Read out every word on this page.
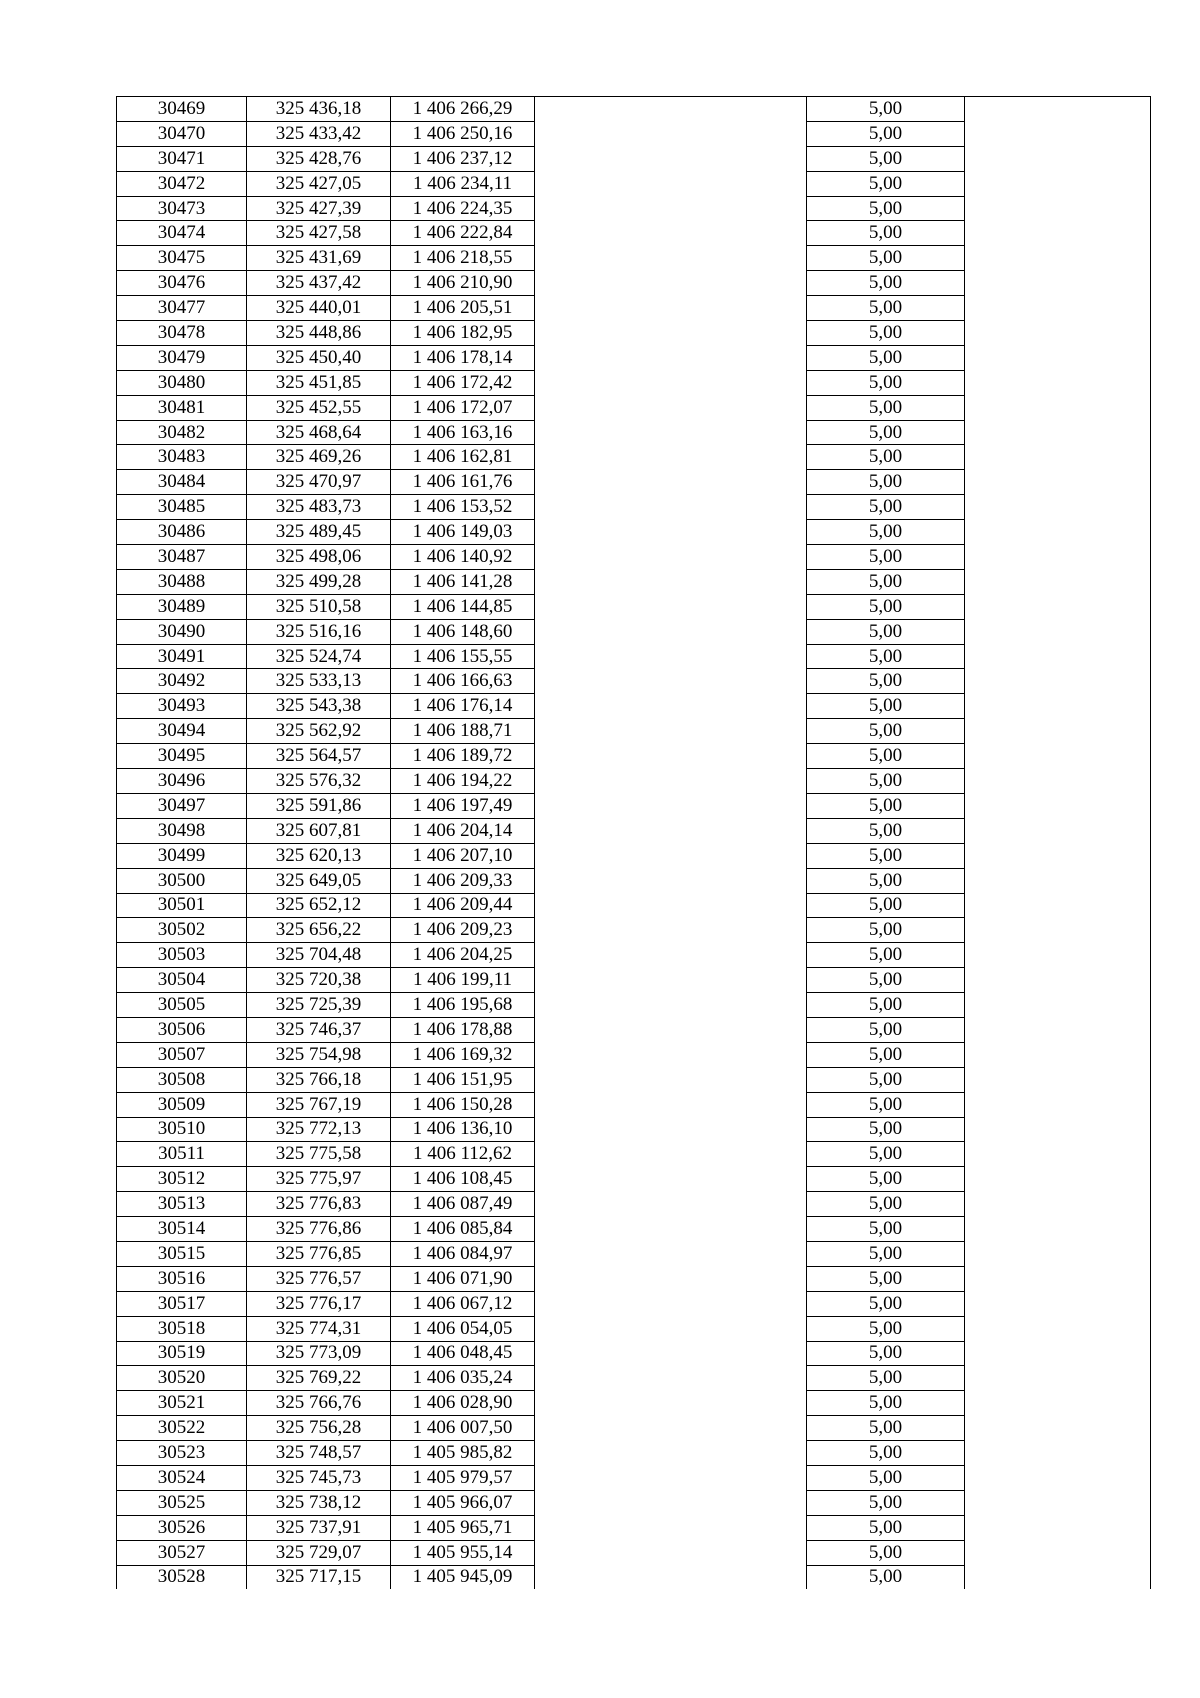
30469	325 436,18	1 406 266,29		5,00	
30470	325 433,42	1 406 250,16		5,00	
30471	325 428,76	1 406 237,12		5,00	
30472	325 427,05	1 406 234,11		5,00	
30473	325 427,39	1 406 224,35		5,00	
30474	325 427,58	1 406 222,84		5,00	
30475	325 431,69	1 406 218,55		5,00	
30476	325 437,42	1 406 210,90		5,00	
30477	325 440,01	1 406 205,51		5,00	
30478	325 448,86	1 406 182,95		5,00	
30479	325 450,40	1 406 178,14		5,00	
30480	325 451,85	1 406 172,42		5,00	
30481	325 452,55	1 406 172,07		5,00	
30482	325 468,64	1 406 163,16		5,00	
30483	325 469,26	1 406 162,81		5,00	
30484	325 470,97	1 406 161,76		5,00	
30485	325 483,73	1 406 153,52		5,00	
30486	325 489,45	1 406 149,03		5,00	
30487	325 498,06	1 406 140,92		5,00	
30488	325 499,28	1 406 141,28		5,00	
30489	325 510,58	1 406 144,85		5,00	
30490	325 516,16	1 406 148,60		5,00	
30491	325 524,74	1 406 155,55		5,00	
30492	325 533,13	1 406 166,63		5,00	
30493	325 543,38	1 406 176,14		5,00	
30494	325 562,92	1 406 188,71		5,00	
30495	325 564,57	1 406 189,72		5,00	
30496	325 576,32	1 406 194,22		5,00	
30497	325 591,86	1 406 197,49		5,00	
30498	325 607,81	1 406 204,14		5,00	
30499	325 620,13	1 406 207,10		5,00	
30500	325 649,05	1 406 209,33		5,00	
30501	325 652,12	1 406 209,44		5,00	
30502	325 656,22	1 406 209,23		5,00	
30503	325 704,48	1 406 204,25		5,00	
30504	325 720,38	1 406 199,11		5,00	
30505	325 725,39	1 406 195,68		5,00	
30506	325 746,37	1 406 178,88		5,00	
30507	325 754,98	1 406 169,32		5,00	
30508	325 766,18	1 406 151,95		5,00	
30509	325 767,19	1 406 150,28		5,00	
30510	325 772,13	1 406 136,10		5,00	
30511	325 775,58	1 406 112,62		5,00	
30512	325 775,97	1 406 108,45		5,00	
30513	325 776,83	1 406 087,49		5,00	
30514	325 776,86	1 406 085,84		5,00	
30515	325 776,85	1 406 084,97		5,00	
30516	325 776,57	1 406 071,90		5,00	
30517	325 776,17	1 406 067,12		5,00	
30518	325 774,31	1 406 054,05		5,00	
30519	325 773,09	1 406 048,45		5,00	
30520	325 769,22	1 406 035,24		5,00	
30521	325 766,76	1 406 028,90		5,00	
30522	325 756,28	1 406 007,50		5,00	
30523	325 748,57	1 405 985,82		5,00	
30524	325 745,73	1 405 979,57		5,00	
30525	325 738,12	1 405 966,07		5,00	
30526	325 737,91	1 405 965,71		5,00	
30527	325 729,07	1 405 955,14		5,00	
30528	325 717,15	1 405 945,09		5,00	
